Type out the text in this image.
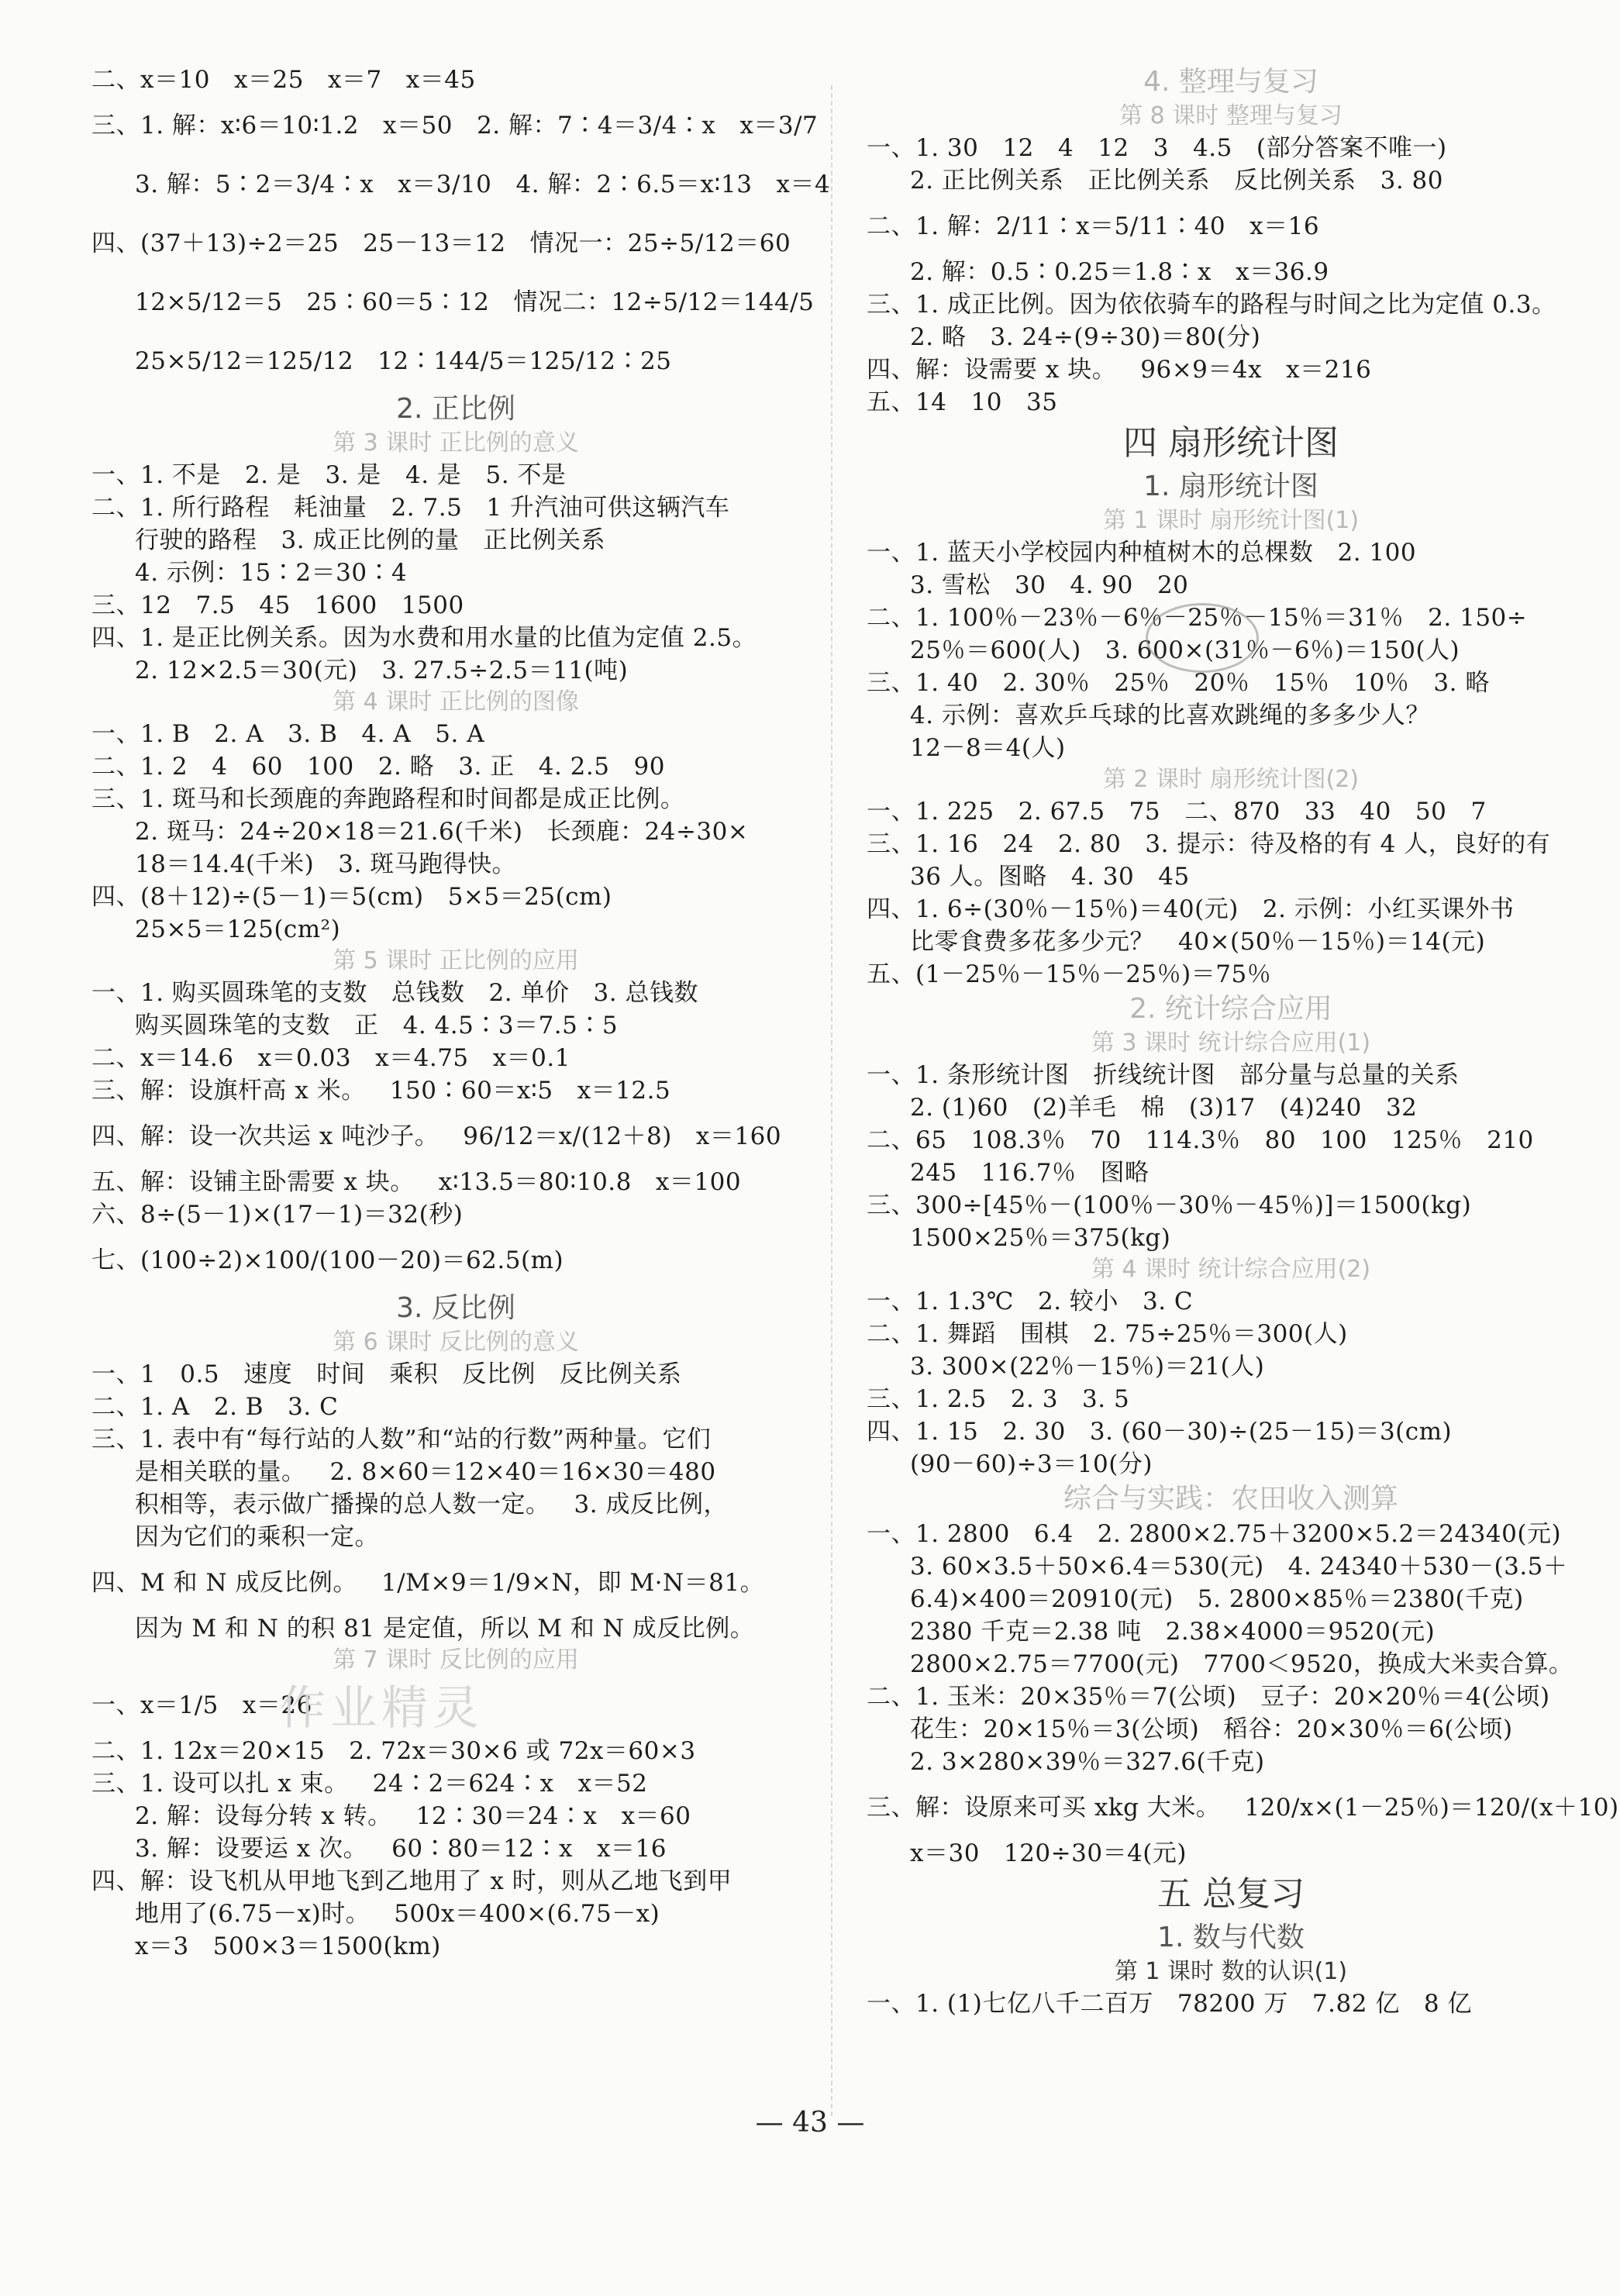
二、x＝10   x＝25   x＝7   x＝45
三、1. 解：x∶6＝10∶1.2   x＝50   2. 解：7∶4＝3/4∶x   x＝3/7
3. 解：5∶2＝3/4∶x   x＝3/10   4. 解：2∶6.5＝x∶13   x＝4
四、(37＋13)÷2＝25   25－13＝12   情况一：25÷5/12＝60
12×5/12＝5   25∶60＝5∶12   情况二：12÷5/12＝144/5
25×5/12＝125/12   12∶144/5＝125/12∶25
2. 正比例
第 3 课时 正比例的意义
一、1. 不是   2. 是   3. 是   4. 是   5. 不是
二、1. 所行路程   耗油量   2. 7.5   1 升汽油可供这辆汽车
行驶的路程   3. 成正比例的量   正比例关系
4. 示例：15∶2＝30∶4
三、12   7.5   45   1600   1500
四、1. 是正比例关系。因为水费和用水量的比值为定值 2.5。
2. 12×2.5＝30(元)   3. 27.5÷2.5＝11(吨)
第 4 课时 正比例的图像
一、1. B   2. A   3. B   4. A   5. A
二、1. 2   4   60   100   2. 略   3. 正   4. 2.5   90
三、1. 斑马和长颈鹿的奔跑路程和时间都是成正比例。
2. 斑马：24÷20×18＝21.6(千米)   长颈鹿：24÷30×
18＝14.4(千米)   3. 斑马跑得快。
四、(8＋12)÷(5－1)＝5(cm)   5×5＝25(cm)
25×5＝125(cm²)
第 5 课时 正比例的应用
一、1. 购买圆珠笔的支数   总钱数   2. 单价   3. 总钱数
购买圆珠笔的支数   正   4. 4.5∶3＝7.5∶5
二、x＝14.6   x＝0.03   x＝4.75   x＝0.1
三、解：设旗杆高 x 米。   150∶60＝x∶5   x＝12.5
四、解：设一次共运 x 吨沙子。   96/12＝x/(12＋8)   x＝160
五、解：设铺主卧需要 x 块。   x∶13.5＝80∶10.8   x＝100
六、8÷(5－1)×(17－1)＝32(秒)
七、(100÷2)×100/(100－20)＝62.5(m)
3. 反比例
第 6 课时 反比例的意义
一、1   0.5   速度   时间   乘积   反比例   反比例关系
二、1. A   2. B   3. C
三、1. 表中有“每行站的人数”和“站的行数”两种量。它们
是相关联的量。   2. 8×60＝12×40＝16×30＝480
积相等，表示做广播操的总人数一定。   3. 成反比例，
因为它们的乘积一定。
四、M 和 N 成反比例。   1/M×9＝1/9×N，即 M·N＝81。
因为 M 和 N 的积 81 是定值，所以 M 和 N 成反比例。
第 7 课时 反比例的应用
一、x＝1/5   x＝26
二、1. 12x＝20×15   2. 72x＝30×6 或 72x＝60×3
三、1. 设可以扎 x 束。   24∶2＝624∶x   x＝52
2. 解：设每分转 x 转。   12∶30＝24∶x   x＝60
3. 解：设要运 x 次。   60∶80＝12∶x   x＝16
四、解：设飞机从甲地飞到乙地用了 x 时，则从乙地飞到甲
地用了(6.75－x)时。   500x＝400×(6.75－x)
x＝3   500×3＝1500(km)
4. 整理与复习
第 8 课时 整理与复习
一、1. 30   12   4   12   3   4.5   (部分答案不唯一)
2. 正比例关系   正比例关系   反比例关系   3. 80
二、1. 解：2/11∶x＝5/11∶40   x＝16
2. 解：0.5∶0.25＝1.8∶x   x＝36.9
三、1. 成正比例。因为依依骑车的路程与时间之比为定值 0.3。
2. 略   3. 24÷(9÷30)＝80(分)
四、解：设需要 x 块。   96×9＝4x   x＝216
五、14   10   35
四 扇形统计图
1. 扇形统计图
第 1 课时 扇形统计图(1)
一、1. 蓝天小学校园内种植树木的总棵数   2. 100
3. 雪松   30   4. 90   20
二、1. 100％－23％－6％－25％－15％＝31％   2. 150÷
25％＝600(人)   3. 600×(31％－6％)＝150(人)
三、1. 40   2. 30％   25％   20％   15％   10％   3. 略
4. 示例：喜欢乒乓球的比喜欢跳绳的多多少人？
12－8＝4(人)
第 2 课时 扇形统计图(2)
一、1. 225   2. 67.5   75   二、870   33   40   50   7
三、1. 16   24   2. 80   3. 提示：待及格的有 4 人，良好的有
36 人。图略   4. 30   45
四、1. 6÷(30％－15％)＝40(元)   2. 示例：小红买课外书
比零食费多花多少元？   40×(50％－15％)＝14(元)
五、(1－25％－15％－25％)＝75％
2. 统计综合应用
第 3 课时 统计综合应用(1)
一、1. 条形统计图   折线统计图   部分量与总量的关系
2. (1)60   (2)羊毛   棉   (3)17   (4)240   32
二、65   108.3％   70   114.3％   80   100   125％   210
245   116.7％   图略
三、300÷[45％－(100％－30％－45％)]＝1500(kg)
1500×25％＝375(kg)
第 4 课时 统计综合应用(2)
一、1. 1.3℃   2. 较小   3. C
二、1. 舞蹈   围棋   2. 75÷25％＝300(人)
3. 300×(22％－15％)＝21(人)
三、1. 2.5   2. 3   3. 5
四、1. 15   2. 30   3. (60－30)÷(25－15)＝3(cm)
(90－60)÷3＝10(分)
综合与实践：农田收入测算
一、1. 2800   6.4   2. 2800×2.75＋3200×5.2＝24340(元)
3. 60×3.5＋50×6.4＝530(元)   4. 24340＋530－(3.5＋
6.4)×400＝20910(元)   5. 2800×85％＝2380(千克)
2380 千克＝2.38 吨   2.38×4000＝9520(元)
2800×2.75＝7700(元)   7700＜9520，换成大米卖合算。
二、1. 玉米：20×35％＝7(公顷)   豆子：20×20％＝4(公顷)
花生：20×15％＝3(公顷)   稻谷：20×30％＝6(公顷)
2. 3×280×39％＝327.6(千克)
三、解：设原来可买 xkg 大米。   120/x×(1－25％)＝120/(x＋10)
x＝30   120÷30＝4(元)
五 总复习
1. 数与代数
第 1 课时 数的认识(1)
一、1. (1)七亿八千二百万   78200 万   7.82 亿   8 亿
作业精灵
— 43 —
